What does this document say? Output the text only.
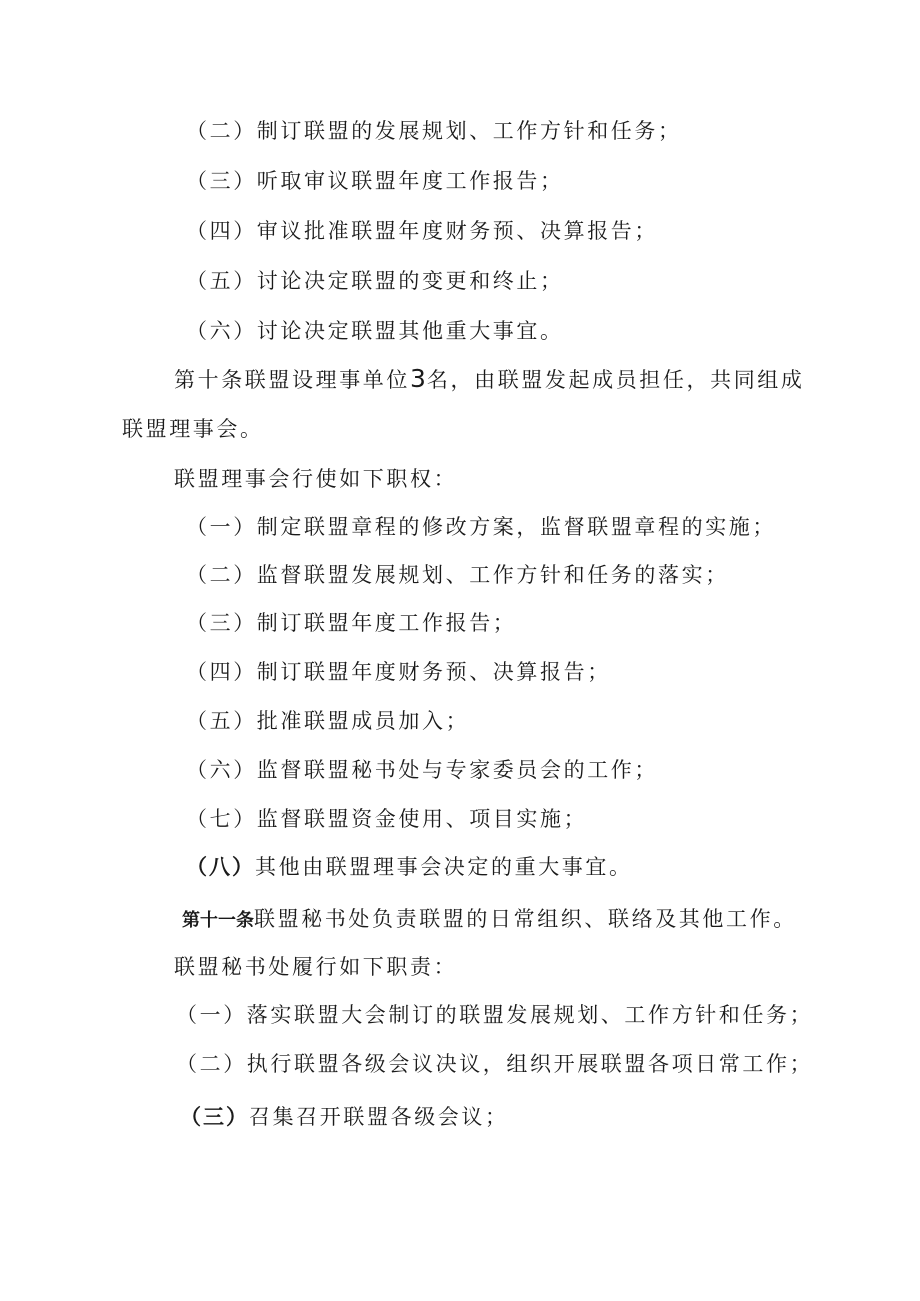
（二）制订联盟的发展规划、工作方针和任务；
（三）听取审议联盟年度工作报告；
（四）审议批准联盟年度财务预、决算报告；
（五）讨论决定联盟的变更和终止；
（六）讨论决定联盟其他重大事宜。
第十条联盟设理事单位3名，由联盟发起成员担任，共同组成
联盟理事会。
联盟理事会行使如下职权：
（一）制定联盟章程的修改方案，监督联盟章程的实施；
（二）监督联盟发展规划、工作方针和任务的落实；
（三）制订联盟年度工作报告；
（四）制订联盟年度财务预、决算报告；
（五）批准联盟成员加入；
（六）监督联盟秘书处与专家委员会的工作；
（七）监督联盟资金使用、项目实施；
（八）其他由联盟理事会决定的重大事宜。
第十一条联盟秘书处负责联盟的日常组织、联络及其他工作。
联盟秘书处履行如下职责：
（一）落实联盟大会制订的联盟发展规划、工作方针和任务；
（二）执行联盟各级会议决议，组织开展联盟各项日常工作；
（三）召集召开联盟各级会议；
